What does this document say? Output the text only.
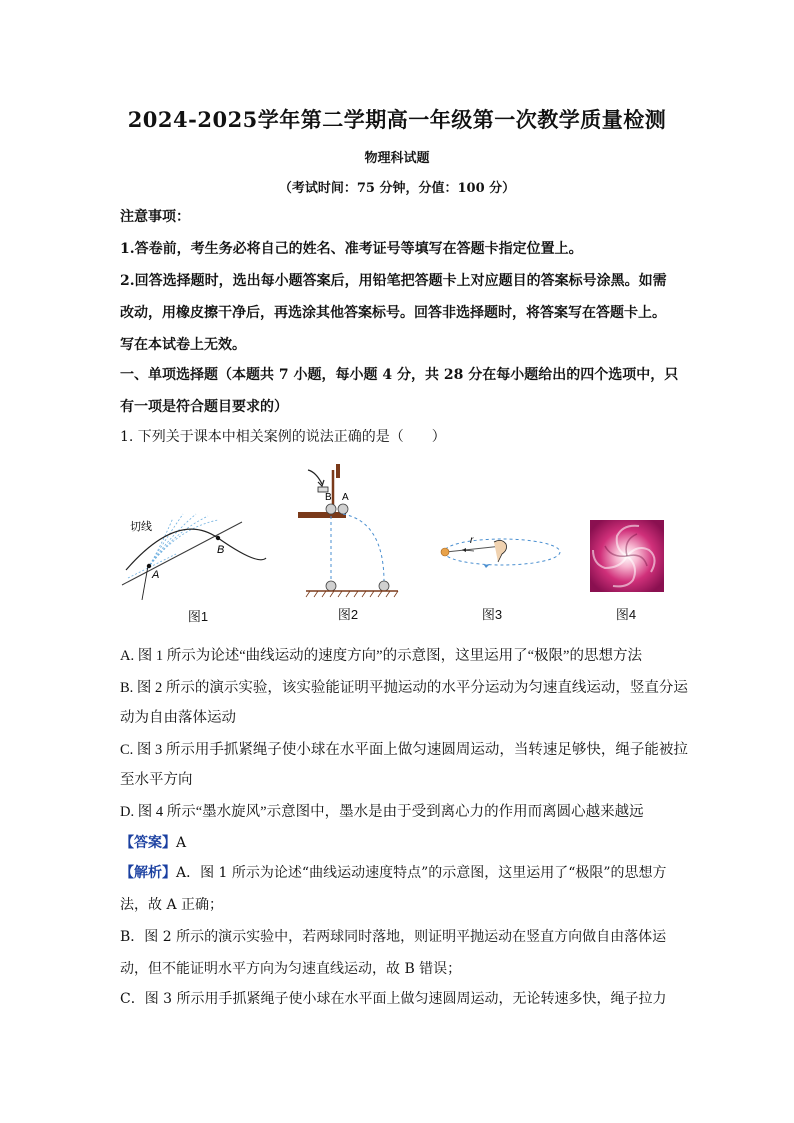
2024-2025学年第二学期高一年级第一次教学质量检测
物理科试题
（考试时间：75 分钟，分值：100 分）
注意事项：
1.答卷前，考生务必将自己的姓名、准考证号等填写在答题卡指定位置上。
2.回答选择题时，选出每小题答案后，用铅笔把答题卡上对应题目的答案标号涂黑。如需
改动，用橡皮擦干净后，再选涂其他答案标号。回答非选择题时，将答案写在答题卡上。
写在本试卷上无效。
一、单项选择题（本题共 7 小题，每小题 4 分，共 28 分在每小题给出的四个选项中，只
有一项是符合题目要求的）
1. 下列关于课本中相关案例的说法正确的是（　　）
切线
A
B
图1
B A
图2
r
图3	图4
A. 图 1 所示为论述“曲线运动的速度方向”的示意图，这里运用了“极限”的思想方法
B. 图 2 所示的演示实验，该实验能证明平抛运动的水平分运动为匀速直线运动，竖直分运
动为自由落体运动
C. 图 3 所示用手抓紧绳子使小球在水平面上做匀速圆周运动，当转速足够快，绳子能被拉
至水平方向
D. 图 4 所示“墨水旋风”示意图中，墨水是由于受到离心力的作用而离圆心越来越远
【答案】A
【解析】A．图 1 所示为论述“曲线运动速度特点”的示意图，这里运用了“极限”的思想方
法，故 A 正确；
B．图 2 所示的演示实验中，若两球同时落地，则证明平抛运动在竖直方向做自由落体运
动，但不能证明水平方向为匀速直线运动，故 B 错误；
C．图 3 所示用手抓紧绳子使小球在水平面上做匀速圆周运动，无论转速多快，绳子拉力
